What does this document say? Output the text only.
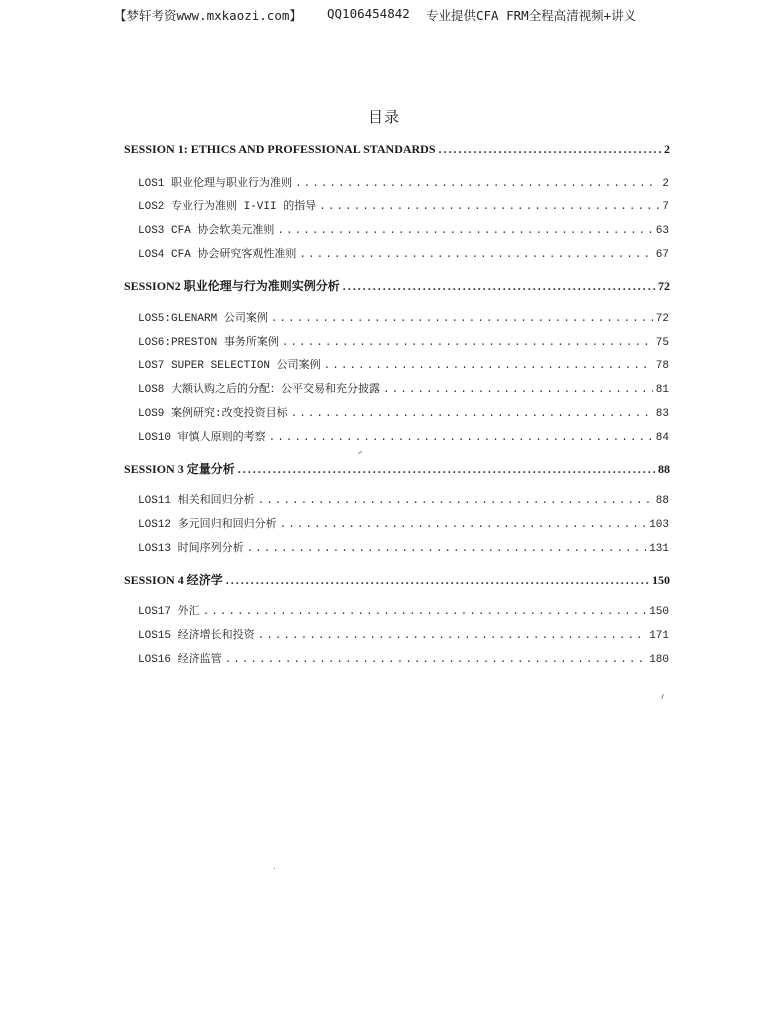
【梦轩考资www.mxkaozi.com】 QQ106454842 专业提供CFA FRM全程高清视频+讲义
目录
SESSION 1: ETHICS AND PROFESSIONAL STANDARDS .....	2
LOS1 职业伦理与职业行为准则 .....	2
LOS2 专业行为准则 I-VII 的指导 .....	7
LOS3 CFA 协会软美元准则 .....	63
LOS4 CFA 协会研究客观性准则 .....	67
SESSION2 职业伦理与行为准则实例分析 .....	72
LOS5:GLENARM 公司案例 .....	72
LOS6:PRESTON 事务所案例 .....	75
LOS7 SUPER SELECTION 公司案例 .....	78
LOS8 大额认购之后的分配：公平交易和充分披露 .....	81
LOS9 案例研究:改变投资目标 .....	83
LOS10 审慎人原则的考察 .....	84
SESSION 3 定量分析 .....	88
LOS11 相关和回归分析 .....	88
LOS12 多元回归和回归分析 .....	103
LOS13 时间序列分析 .....	131
SESSION 4 经济学 .....	150
LOS17 外汇 .....	150
LOS15 经济增长和投资 .....	171
LOS16 经济监管 .....	180
